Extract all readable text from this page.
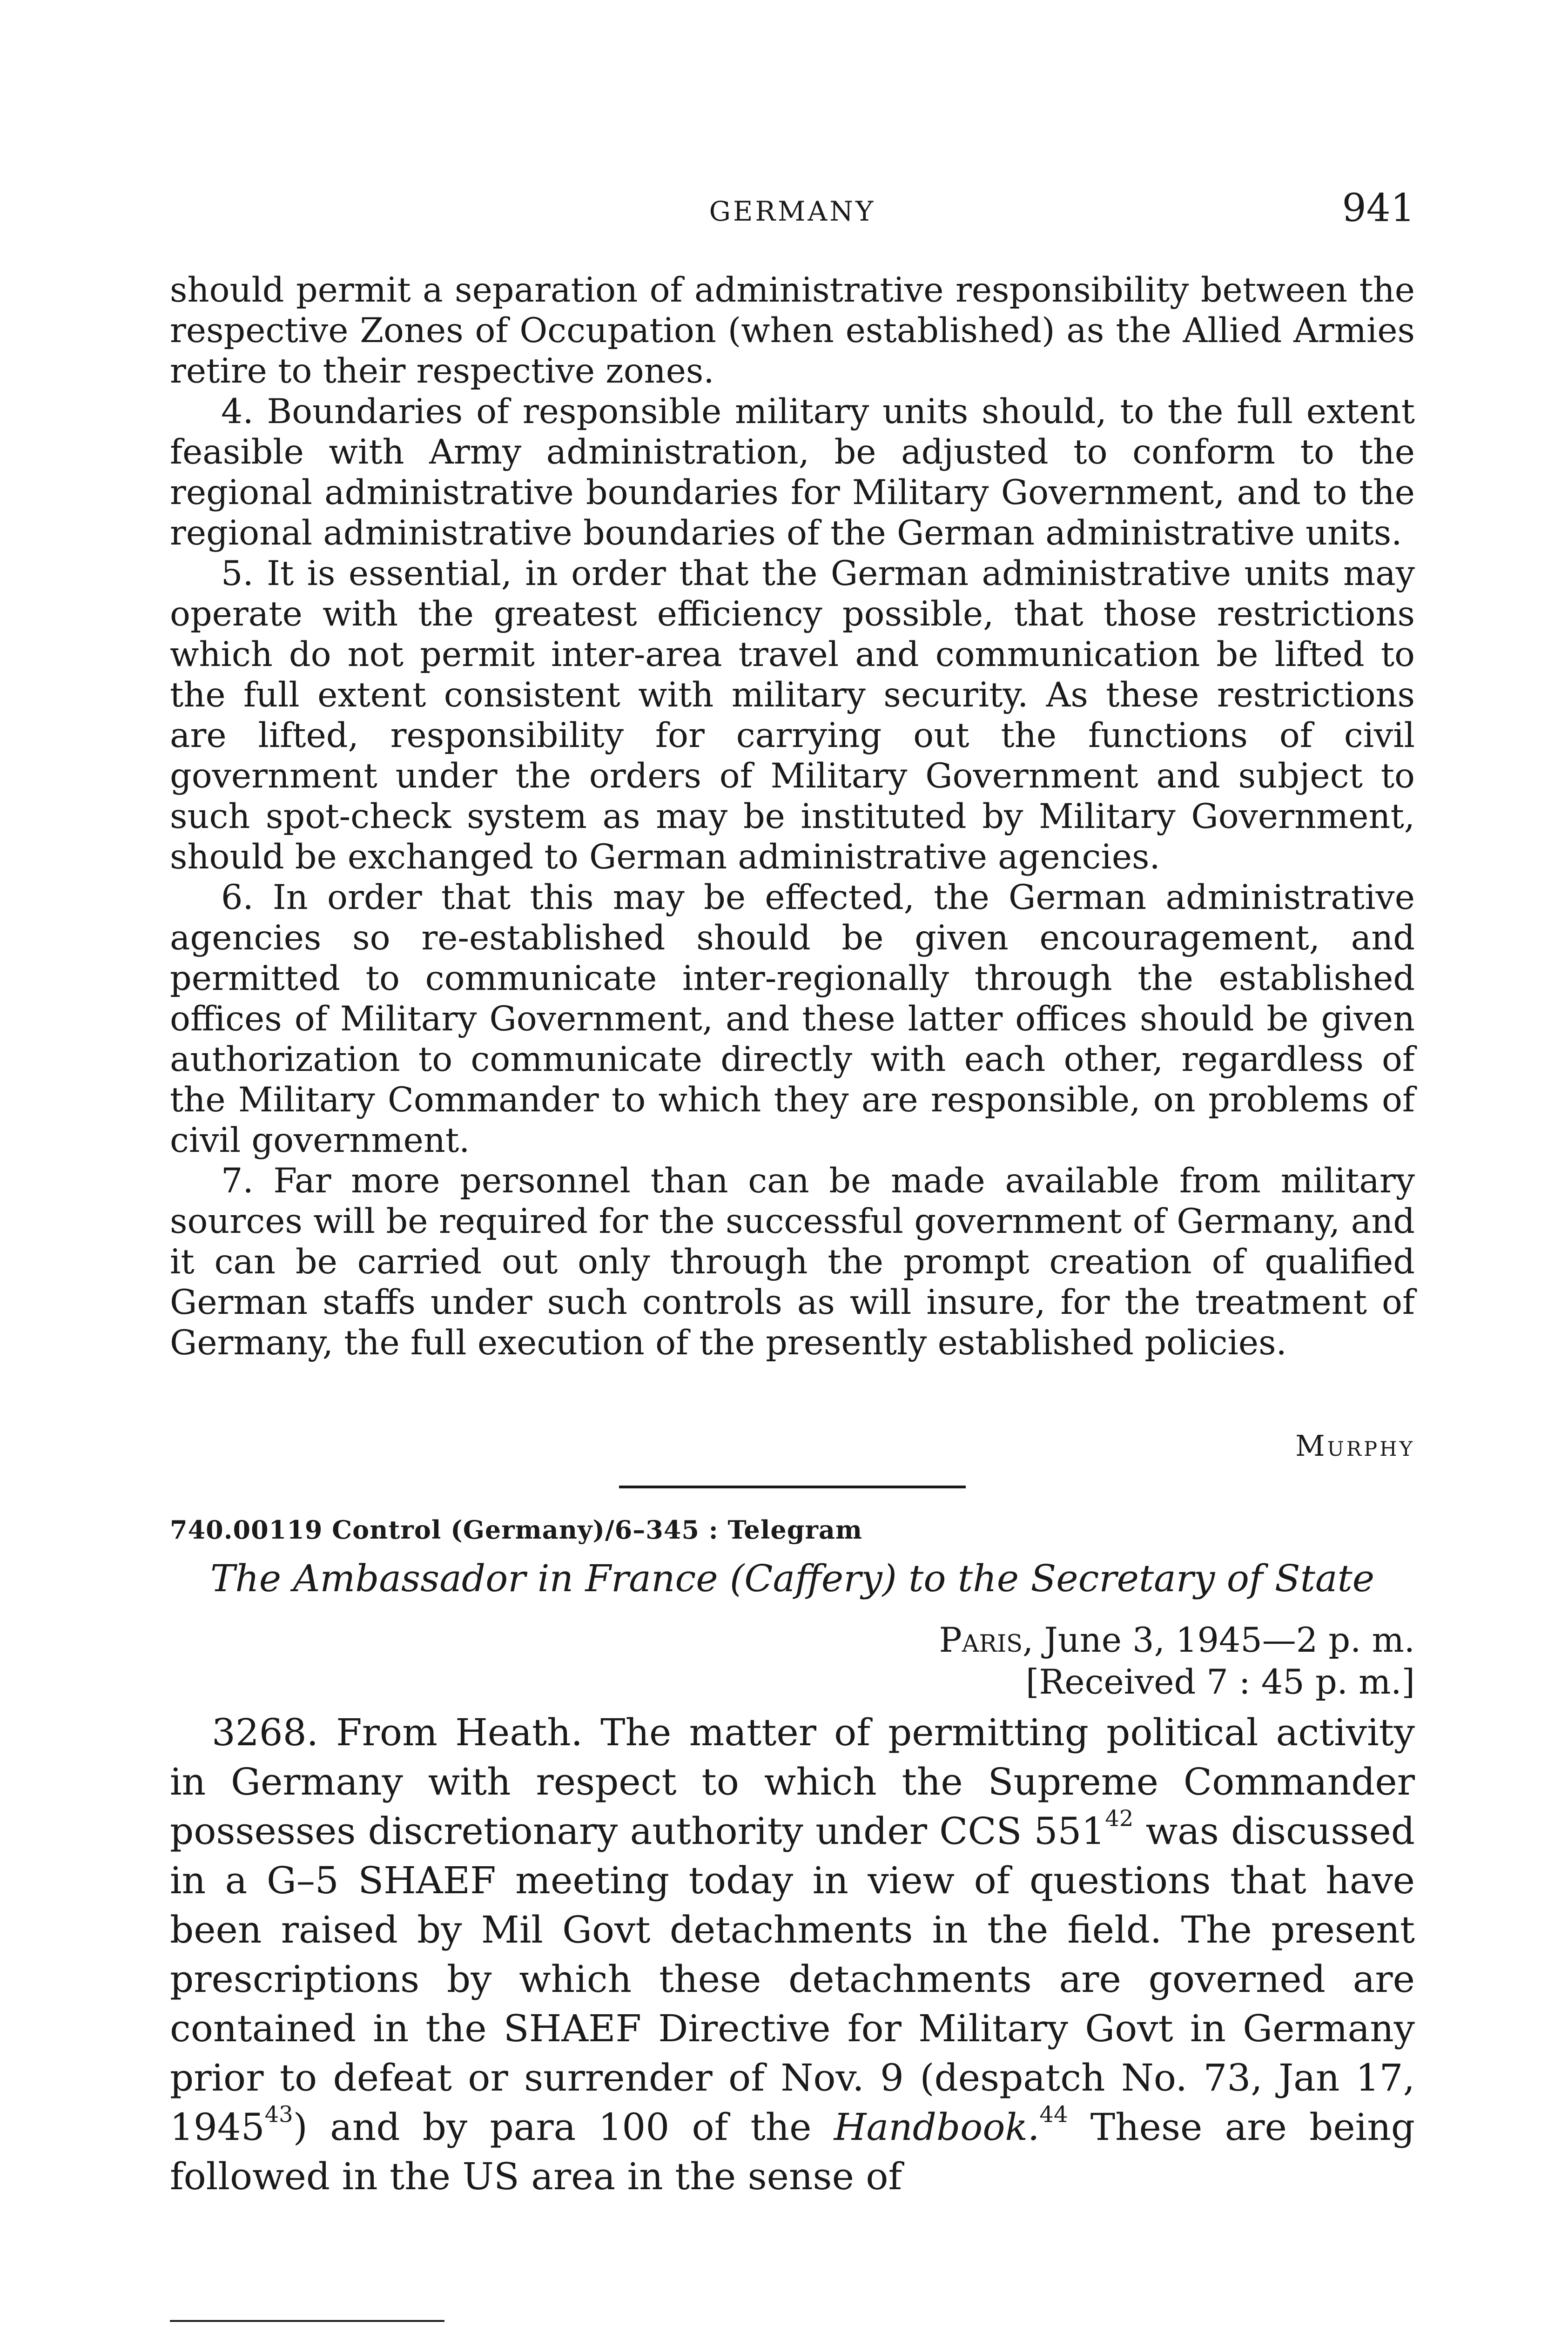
GERMANY	941

should permit a separation of administrative responsibility between the respective Zones of Occupation (when established) as the Allied Armies retire to their respective zones.

4. Boundaries of responsible military units should, to the full extent feasible with Army administration, be adjusted to conform to the regional administrative boundaries for Military Government, and to the regional administrative boundaries of the German administrative units.

5. It is essential, in order that the German administrative units may operate with the greatest efficiency possible, that those restrictions which do not permit inter-area travel and communication be lifted to the full extent consistent with military security. As these restrictions are lifted, responsibility for carrying out the functions of civil government under the orders of Military Government and subject to such spot-check system as may be instituted by Military Government, should be exchanged to German administrative agencies.

6. In order that this may be effected, the German administrative agencies so re-established should be given encouragement, and permitted to communicate inter-regionally through the established offices of Military Government, and these latter offices should be given authorization to communicate directly with each other, regardless of the Military Commander to which they are responsible, on problems of civil government.

7. Far more personnel than can be made available from military sources will be required for the successful government of Germany, and it can be carried out only through the prompt creation of qualified German staffs under such controls as will insure, for the treatment of Germany, the full execution of the presently established policies.

Murphy
740.00119 Control (Germany)/6–345 : Telegram
The Ambassador in France (Caffery) to the Secretary of State
Paris, June 3, 1945—2 p. m.
[Received 7 : 45 p. m.]

3268. From Heath. The matter of permitting political activity in Germany with respect to which the Supreme Commander possesses discretionary authority under CCS $551^{42}$ was discussed in a G–5 SHAEF meeting today in view of questions that have been raised by Mil Govt detachments in the field. The present prescriptions by which these detachments are governed are contained in the SHAEF Directive for Military Govt in Germany prior to defeat or surrender of Nov. 9 (despatch No. 73, Jan 17, 1945$^{43}$) and by para 100 of the Handbook.$^{44}$ These are being followed in the US area in the sense of
